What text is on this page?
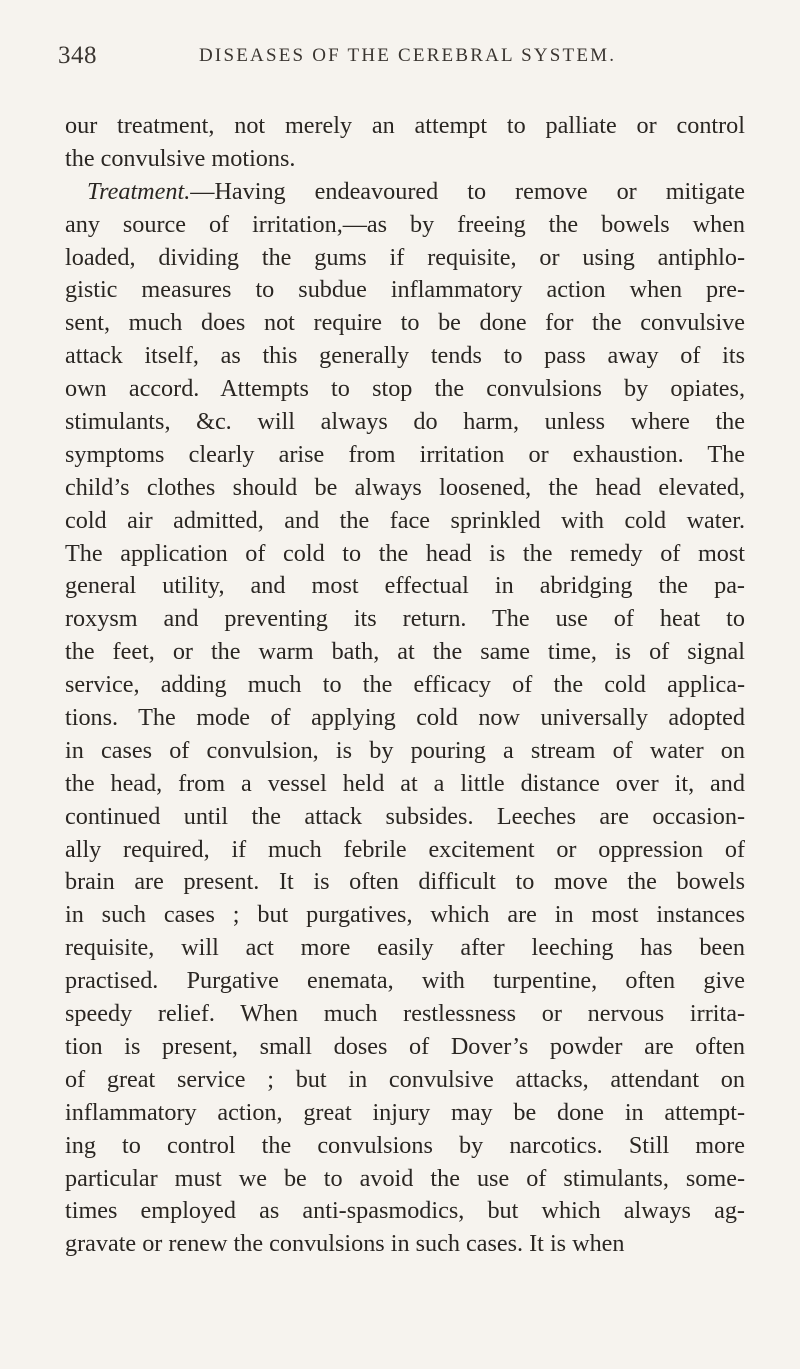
348	DISEASES OF THE CEREBRAL SYSTEM.
our treatment, not merely an attempt to palliate or control
the convulsive motions.
Treatment.—Having endeavoured to remove or mitigate
any source of irritation,—as by freeing the bowels when
loaded, dividing the gums if requisite, or using antiphlo-
gistic measures to subdue inflammatory action when pre-
sent, much does not require to be done for the convulsive
attack itself, as this generally tends to pass away of its
own accord. Attempts to stop the convulsions by opiates,
stimulants, &c. will always do harm, unless where the
symptoms clearly arise from irritation or exhaustion. The
child’s clothes should be always loosened, the head elevated,
cold air admitted, and the face sprinkled with cold water.
The application of cold to the head is the remedy of most
general utility, and most effectual in abridging the pa-
roxysm and preventing its return. The use of heat to
the feet, or the warm bath, at the same time, is of signal
service, adding much to the efficacy of the cold applica-
tions. The mode of applying cold now universally adopted
in cases of convulsion, is by pouring a stream of water on
the head, from a vessel held at a little distance over it, and
continued until the attack subsides. Leeches are occasion-
ally required, if much febrile excitement or oppression of
brain are present. It is often difficult to move the bowels
in such cases ; but purgatives, which are in most instances
requisite, will act more easily after leeching has been
practised. Purgative enemata, with turpentine, often give
speedy relief. When much restlessness or nervous irrita-
tion is present, small doses of Dover’s powder are often
of great service ; but in convulsive attacks, attendant on
inflammatory action, great injury may be done in attempt-
ing to control the convulsions by narcotics. Still more
particular must we be to avoid the use of stimulants, some-
times employed as anti-spasmodics, but which always ag-
gravate or renew the convulsions in such cases. It is when
